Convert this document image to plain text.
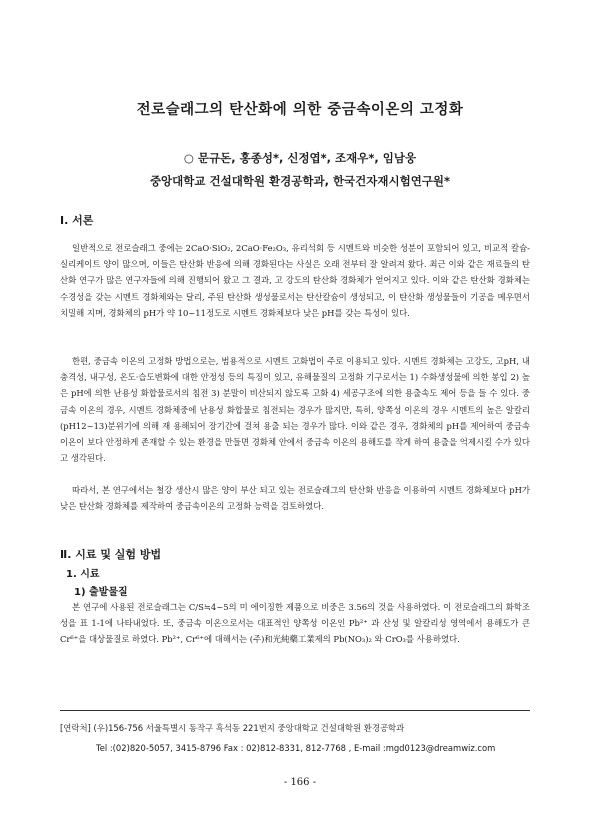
전로슬래그의 탄산화에 의한 중금속이온의 고정화
○ 문규돈, 홍종성*, 신정엽*, 조재우*, 임남웅
중앙대학교 건설대학원 환경공학과, 한국건자재시험연구원*
Ⅰ. 서론

일반적으로 전로슬래그 중에는 2CaO·SiO₂, 2CaO·Fe₂O₃, 유리석회 등 시멘트와 비슷한 성분이 포함되어 있고, 비교적 칼슘-실리케이트 양이 많으며, 이들은 탄산화 반응에 의해 경화된다는 사실은 오래 전부터 잘 알려져 왔다. 최근 이와 같은 재료들의 탄산화 연구가 많은 연구자들에 의해 진행되어 왔고 그 결과, 고 강도의 탄산화 경화체가 얻어지고 있다. 이와 같은 탄산화 경화체는 수경성을 갖는 시멘트 경화체와는 달리, 주된 탄산화 생성물로서는 탄산칼슘이 생성되고, 이 탄산화 생성물들이 기공을 메우면서 치밀해 지며, 경화체의 pH가 약 10~11정도로 시멘트 경화체보다 낮은 pH를 갖는 특성이 있다.

한편, 중금속 이온의 고정화 방법으로는, 범용적으로 시멘트 고화법이 주로 이용되고 있다. 시멘트 경화체는 고강도, 고pH, 내충격성, 내구성, 온도·습도변화에 대한 안정성 등의 특징이 있고, 유해물질의 고정화 기구로서는 1) 수화생성물에 의한 봉입 2) 높은 pH에 의한 난용성 화합물로서의 침전 3) 분말이 비산되지 않도록 고화 4) 세공구조에 의한 용출속도 제어 등을 들 수 있다. 중금속 이온의 경우, 시멘트 경화체중에 난용성 화합물로 침전되는 경우가 많지만, 특히, 양쪽성 이온의 경우 시멘트의 높은 알칼리 (pH12~13)분위기에 의해 재 용해되어 장기간에 걸쳐 용출 되는 경우가 많다. 이와 같은 경우, 경화체의 pH를 제어하여 중금속 이온이 보다 안정하게 존재할 수 있는 환경을 만들면 경화체 안에서 중금속 이온의 용해도를 작게 하여 용출을 억제시킬 수가 있다고 생각된다.

따라서, 본 연구에서는 철강 생산시 많은 양이 부산 되고 있는 전로슬래그의 탄산화 반응을 이용하여 시멘트 경화체보다 pH가 낮은 탄산화 경화체를 제작하여 중금속이온의 고정화 능력을 검토하였다.

Ⅱ. 시료 및 실험 방법
1. 시료
1) 출발물질

본 연구에 사용된 전로슬래그는 C/S≒4~5의 미 에이징한 제품으로 비중은 3.56의 것을 사용하였다. 이 전로슬래그의 화학조성을 표 1-1에 나타내었다. 또, 중금속 이온으로서는 대표적인 양쪽성 이온인 Pb²⁺ 과 산성 및 알칼리성 영역에서 용해도가 큰 Cr⁶⁺을 대상물질로 하였다. Pb²⁺, Cr⁶⁺에 대해서는 (주)和光純藥工業제의 Pb(NO₃)₂ 와 CrO₃를 사용하였다.

[연락처] (우)156-756 서울특별시 동작구 흑석동 221번지 중앙대학교 건설대학원 환경공학과
Tel :(02)820-5057, 3415-8796 Fax : 02)812-8331, 812-7768 , E-mail :mgd0123@dreamwiz.com
- 166 -
